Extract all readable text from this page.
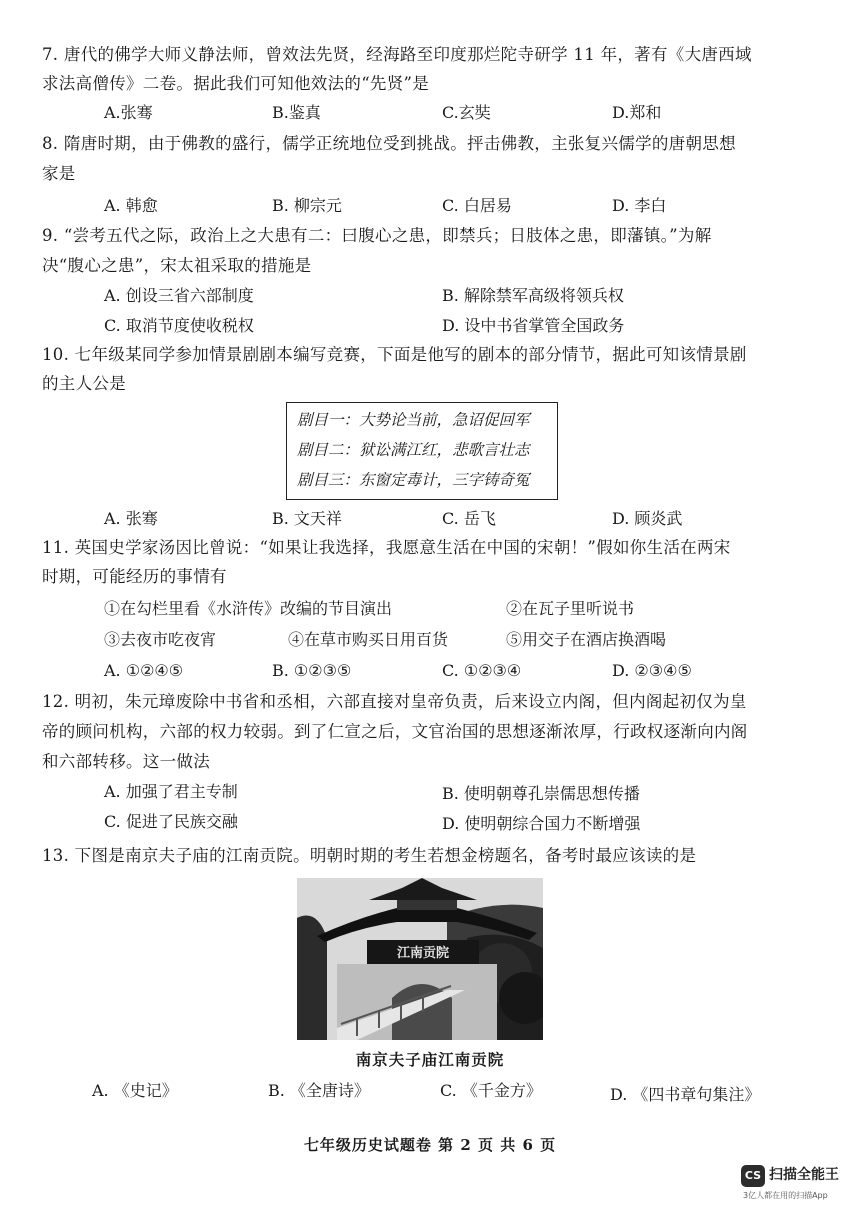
7. 唐代的佛学大师义静法师，曾效法先贤，经海路至印度那烂陀寺研学 11 年，著有《大唐西域
求法高僧传》二卷。据此我们可知他效法的“先贤”是
A.张骞	B.鉴真	C.玄奘	D.郑和
8. 隋唐时期，由于佛教的盛行，儒学正统地位受到挑战。抨击佛教，主张复兴儒学的唐朝思想
家是
A. 韩愈	B. 柳宗元	C. 白居易	D. 李白
9. “尝考五代之际，政治上之大患有二：曰腹心之患，即禁兵；日肢体之患，即藩镇。”为解
决“腹心之患”，宋太祖采取的措施是
A. 创设三省六部制度	B. 解除禁军高级将领兵权
C. 取消节度使收税权	D. 设中书省掌管全国政务
10. 七年级某同学参加情景剧剧本编写竞赛，下面是他写的剧本的部分情节，据此可知该情景剧
的主人公是
剧目一：大势论当前，急诏促回军
剧目二：狱讼满江红，悲歌言壮志
剧目三：东窗定毒计，三字铸奇冤
A. 张骞	B. 文天祥	C. 岳飞	D. 顾炎武
11. 英国史学家汤因比曾说：“如果让我选择，我愿意生活在中国的宋朝！”假如你生活在两宋
时期，可能经历的事情有
①在勾栏里看《水浒传》改编的节目演出	②在瓦子里听说书
③去夜市吃夜宵	④在草市购买日用百货	⑤用交子在酒店换酒喝
A. ①②④⑤	B. ①②③⑤	C. ①②③④	D. ②③④⑤
12. 明初，朱元璋废除中书省和丞相，六部直接对皇帝负责，后来设立内阁，但内阁起初仅为皇
帝的顾问机构，六部的权力较弱。到了仁宣之后，文官治国的思想逐渐浓厚，行政权逐渐向内阁
和六部转移。这一做法
A. 加强了君主专制	B. 使明朝尊孔崇儒思想传播
C. 促进了民族交融	D. 使明朝综合国力不断增强
13. 下图是南京夫子庙的江南贡院。明朝时期的考生若想金榜题名，备考时最应该读的是
江南贡院
南京夫子庙江南贡院
A. 《史记》	B. 《全唐诗》	C. 《千金方》	D. 《四书章句集注》
七年级历史试题卷 第 2 页 共 6 页
CS 扫描全能王
3亿人都在用的扫描App
